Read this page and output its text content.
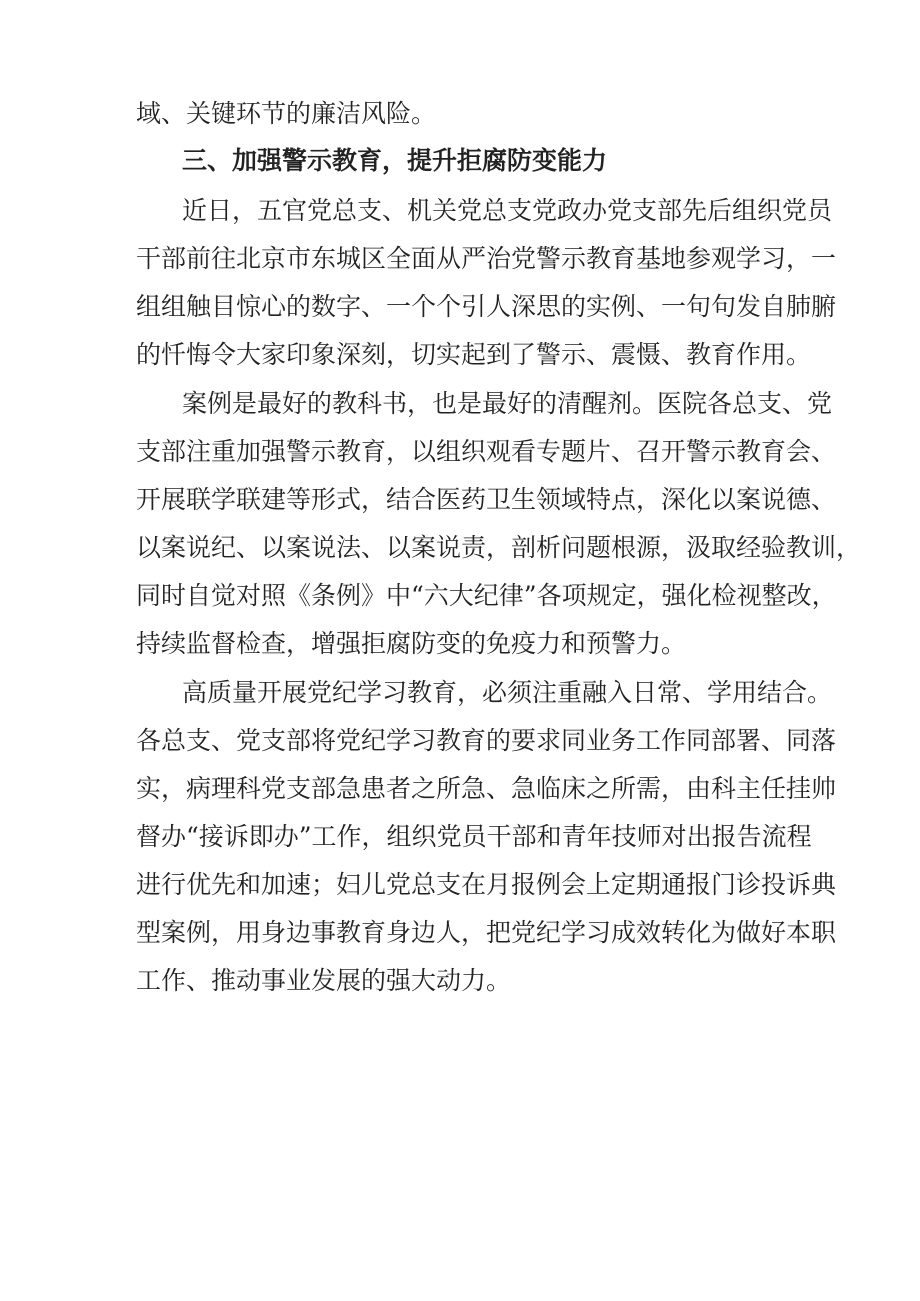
域、关键环节的廉洁风险。
三、加强警示教育，提升拒腐防变能力
近日，五官党总支、机关党总支党政办党支部先后组织党员
干部前往北京市东城区全面从严治党警示教育基地参观学习，一
组组触目惊心的数字、一个个引人深思的实例、一句句发自肺腑
的忏悔令大家印象深刻，切实起到了警示、震慑、教育作用。
案例是最好的教科书，也是最好的清醒剂。医院各总支、党
支部注重加强警示教育，以组织观看专题片、召开警示教育会、
开展联学联建等形式，结合医药卫生领域特点，深化以案说德、
以案说纪、以案说法、以案说责，剖析问题根源，汲取经验教训，
同时自觉对照《条例》中“六大纪律”各项规定，强化检视整改，
持续监督检查，增强拒腐防变的免疫力和预警力。
高质量开展党纪学习教育，必须注重融入日常、学用结合。
各总支、党支部将党纪学习教育的要求同业务工作同部署、同落
实，病理科党支部急患者之所急、急临床之所需，由科主任挂帅
督办“接诉即办”工作，组织党员干部和青年技师对出报告流程
进行优先和加速；妇儿党总支在月报例会上定期通报门诊投诉典
型案例，用身边事教育身边人，把党纪学习成效转化为做好本职
工作、推动事业发展的强大动力。
